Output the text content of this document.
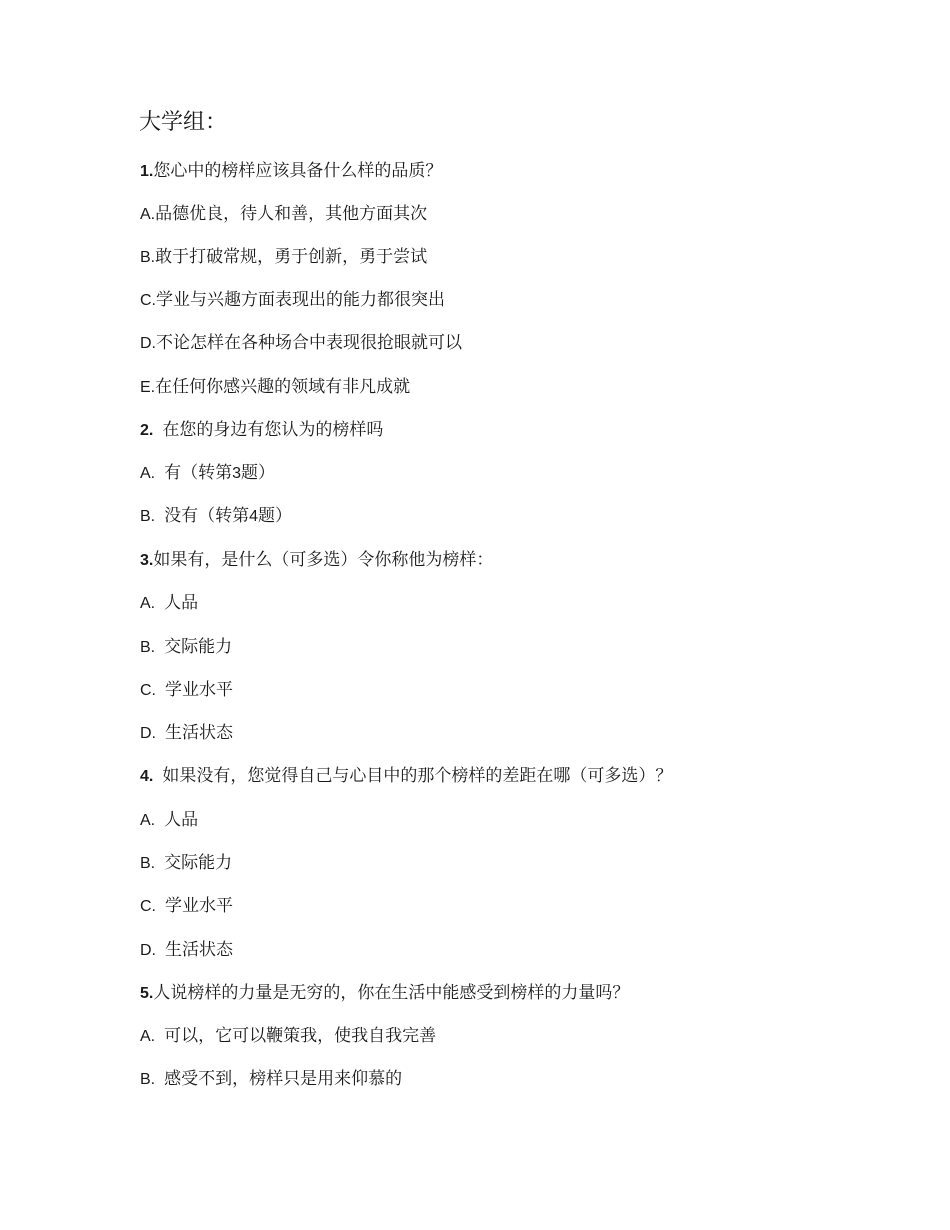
大学组：
1.您心中的榜样应该具备什么样的品质？
A.品德优良，待人和善，其他方面其次
B.敢于打破常规，勇于创新，勇于尝试
C.学业与兴趣方面表现出的能力都很突出
D.不论怎样在各种场合中表现很抢眼就可以
E.在任何你感兴趣的领域有非凡成就
2. 在您的身边有您认为的榜样吗
A. 有（转第3题）
B. 没有（转第4题）
3.如果有，是什么（可多选）令你称他为榜样：
A. 人品
B. 交际能力
C. 学业水平
D. 生活状态
4. 如果没有，您觉得自己与心目中的那个榜样的差距在哪（可多选）？
A. 人品
B. 交际能力
C. 学业水平
D. 生活状态
5.人说榜样的力量是无穷的，你在生活中能感受到榜样的力量吗？
A. 可以，它可以鞭策我，使我自我完善
B. 感受不到，榜样只是用来仰慕的
